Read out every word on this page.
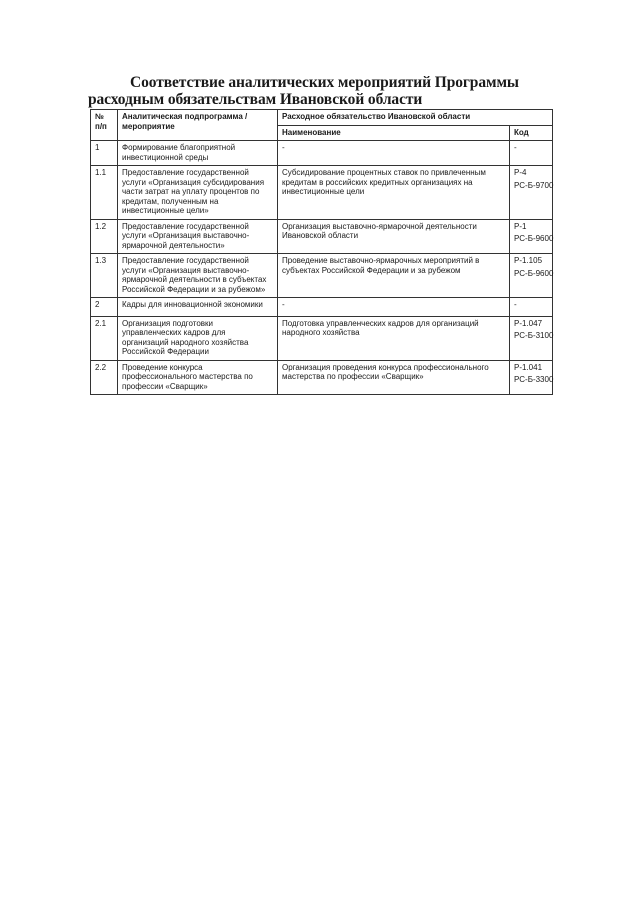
Соответствие аналитических мероприятий Программы расходным обязательствам Ивановской области
№ п/п	Аналитическая подпрограмма / мероприятие	Расходное обязательство Ивановской области	
		Наименование	Код
1	Формирование благоприятной инвестиционной среды	-	-

1.1	Предоставление государственной услуги «Организация субсидирования части затрат на уплату процентов по кредитам, полученным на инвестиционные цели»	Субсидирование процентных ставок по привлеченным кредитам в российских кредитных организациях на инвестиционные цели	Р-4
РС-Б-9700

1.2	Предоставление государственной услуги «Организация выставочно-ярмарочной деятельности»	Организация выставочно-ярмарочной деятельности Ивановской области	Р-1
РС-Б-9600

1.3	Предоставление государственной услуги «Организация выставочно-ярмарочной деятельности в субъектах Российской Федерации и за рубежом»	Проведение выставочно-ярмарочных мероприятий в субъектах Российской Федерации и за рубежом	Р-1.105
РС-Б-9600

2	Кадры для инновационной экономики	-	-

2.1	Организация подготовки управленческих кадров для организаций народного хозяйства Российской Федерации	Подготовка управленческих кадров для организаций народного хозяйства	Р-1.047
РС-Б-3100

2.2	Проведение конкурса профессионального мастерства по профессии «Сварщик»	Организация проведения конкурса профессионального мастерства по профессии «Сварщик»	Р-1.041
РС-Б-3300
